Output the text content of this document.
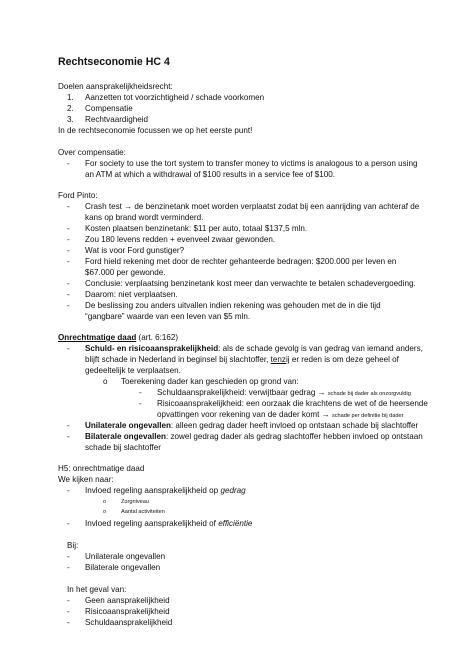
Rechtseconomie HC 4
Doelen aansprakelijkheidsrecht:
1. Aanzetten tot voorzichtigheid / schade voorkomen
2. Compensatie
3. Rechtvaardigheid
In de rechtseconomie focussen we op het eerste punt!
Over compensatie:
- For society to use the tort system to transfer money to victims is analogous to a person using
an ATM at which a withdrawal of $100 results in a service fee of $100.
Ford Pinto:
- Crash test → de benzinetank moet worden verplaatst zodat bij een aanrijding van achteraf de
kans op brand wordt verminderd.
- Kosten plaatsen benzinetank: $11 per auto, totaal $137,5 mln.
- Zou 180 levens redden + evenveel zwaar gewonden.
- Wat is voor Ford gunstiger?
- Ford hield rekening met door de rechter gehanteerde bedragen: $200.000 per leven en
$67.000 per gewonde.
- Conclusie: verplaatsing benzinetank kost meer dan verwachte te betalen schadevergoeding.
- Daarom: niet verplaatsen.
- De beslissing zou anders uitvallen indien rekening was gehouden met de in die tijd
“gangbare” waarde van een leven van $5 mln.
Onrechtmatige daad (art. 6:162)
- Schuld- en risicoaansprakelijkheid: als de schade gevolg is van gedrag van iemand anders,
blijft schade in Nederland in beginsel bij slachtoffer, tenzij er reden is om deze geheel of
gedeeltelijk te verplaatsen.
o Toerekening dader kan geschieden op grond van:
- Schuldaansprakelijkheid: verwijtbaar gedrag → schade bij dader als onzorgvuldig
- Risicoaansprakelijkheid: een oorzaak die krachtens de wet of de heersende
opvattingen voor rekening van de dader komt → schade per definitie bij dader
- Unilaterale ongevallen: alleen gedrag dader heeft invloed op ontstaan schade bij slachtoffer
- Bilaterale ongevallen: zowel gedrag dader als gedrag slachtoffer hebben invloed op ontstaan
schade bij slachtoffer
H5: onrechtmatige daad
We kijken naar:
- Invloed regeling aansprakelijkheid op gedrag
o	Zorgniveau
o	Aantal activiteiten
- Invloed regeling aansprakelijkheid of efficiëntie
Bij:
- Unilaterale ongevallen
- Bilaterale ongevallen
In het geval van:
- Geen aansprakelijkheid
- Risicoaansprakelijkheid
- Schuldaansprakelijkheid
